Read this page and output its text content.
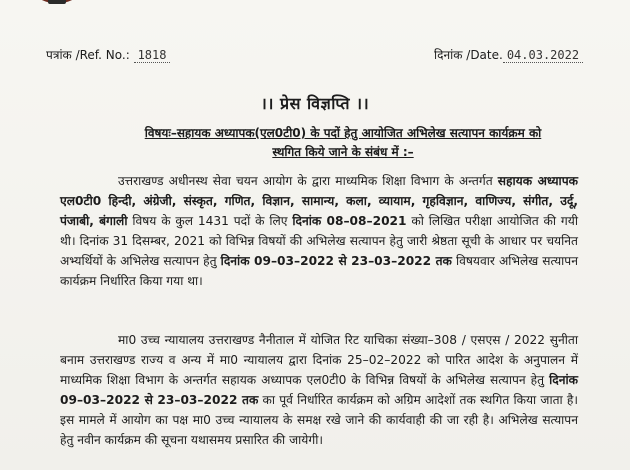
पत्रांक /Ref. No.: 1818	दिनांक /Date. 04.03.2022
।। प्रेस विज्ञप्ति ।।
विषयः–सहायक अध्यापक(एल0टी0) के पदों हेतु आयोजित अभिलेख सत्यापन कार्यक्रम को
स्थगित किये जाने के संबंध में :–
उत्तराखण्ड अधीनस्थ सेवा चयन आयोग के द्वारा माध्यमिक शिक्षा विभाग के अन्तर्गत सहायक अध्यापक एल0टी0 हिन्दी, अंग्रेजी, संस्कृत, गणित, विज्ञान, सामान्य, कला, व्यायाम, गृहविज्ञान, वाणिज्य, संगीत, उर्दू, पंजाबी, बंगाली विषय के कुल 1431 पदों के लिए दिनांक 08–08–2021 को लिखित परीक्षा आयोजित की गयी थी। दिनांक 31 दिसम्बर, 2021 को विभिन्न विषयों की अभिलेख सत्यापन हेतु जारी श्रेष्ठता सूची के आधार पर चयनित अभ्यर्थियों के अभिलेख सत्यापन हेतु दिनांक 09–03–2022 से 23–03–2022 तक विषयवार अभिलेख सत्यापन कार्यक्रम निर्धारित किया गया था।
मा0 उच्च न्यायालय उत्तराखण्ड नैनीताल में योजित रिट याचिका संख्या–308 / एसएस / 2022 सुनीता बनाम उत्तराखण्ड राज्य व अन्य में मा0 न्यायालय द्वारा दिनांक 25–02–2022 को पारित आदेश के अनुपालन में माध्यमिक शिक्षा विभाग के अन्तर्गत सहायक अध्यापक एल0टी0 के विभिन्न विषयों के अभिलेख सत्यापन हेतु दिनांक 09–03–2022 से 23–03–2022 तक का पूर्व निर्धारित कार्यक्रम को अग्रिम आदेशों तक स्थगित किया जाता है। इस मामले में आयोग का पक्ष मा0 उच्च न्यायालय के समक्ष रखे जाने की कार्यवाही की जा रही है। अभिलेख सत्यापन हेतु नवीन कार्यक्रम की सूचना यथासमय प्रसारित की जायेगी।
